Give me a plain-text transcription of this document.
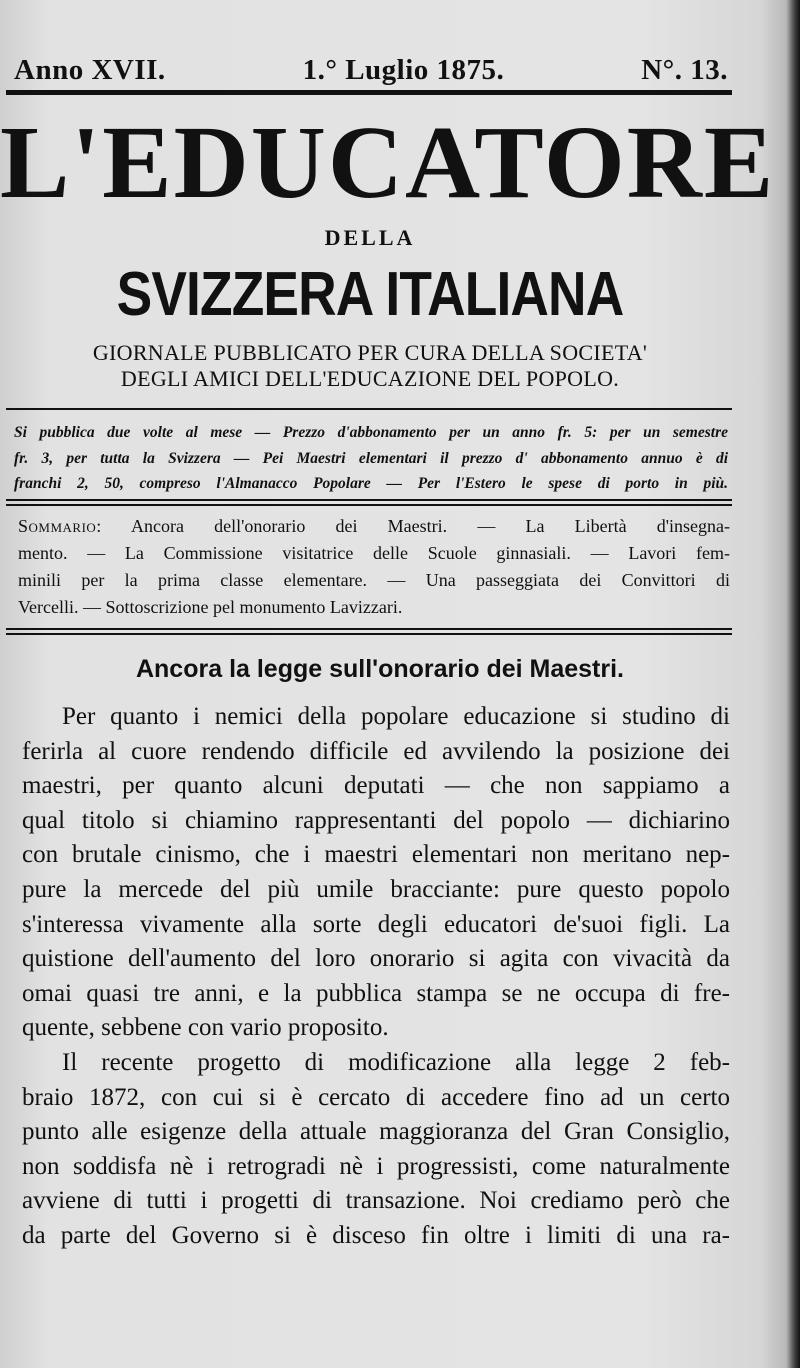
Anno XVII.	1.° Luglio 1875.	N°. 13.
L'EDUCATORE
DELLA
SVIZZERA ITALIANA
GIORNALE PUBBLICATO PER CURA DELLA SOCIETA'
DEGLI AMICI DELL'EDUCAZIONE DEL POPOLO.
Si pubblica due volte al mese — Prezzo d'abbonamento per un anno fr. 5: per un semestre
fr. 3, per tutta la Svizzera — Pei Maestri elementari il prezzo d' abbonamento annuo è di
franchi 2, 50, compreso l'Almanacco Popolare — Per l'Estero le spese di porto in più.
Sommario: Ancora dell'onorario dei Maestri. — La Libertà d'insegna-
mento. — La Commissione visitatrice delle Scuole ginnasiali. — Lavori fem-
minili per la prima classe elementare. — Una passeggiata dei Convittori di
Vercelli. — Sottoscrizione pel monumento Lavizzari.
Ancora la legge sull'onorario dei Maestri.
Per quanto i nemici della popolare educazione si studino di
ferirla al cuore rendendo difficile ed avvilendo la posizione dei
maestri, per quanto alcuni deputati — che non sappiamo a
qual titolo si chiamino rappresentanti del popolo — dichiarino
con brutale cinismo, che i maestri elementari non meritano nep-
pure la mercede del più umile bracciante: pure questo popolo
s'interessa vivamente alla sorte degli educatori de'suoi figli. La
quistione dell'aumento del loro onorario si agita con vivacità da
omai quasi tre anni, e la pubblica stampa se ne occupa di fre-
quente, sebbene con vario proposito.
Il recente progetto di modificazione alla legge 2 feb-
braio 1872, con cui si è cercato di accedere fino ad un certo
punto alle esigenze della attuale maggioranza del Gran Consiglio,
non soddisfa nè i retrogradi nè i progressisti, come naturalmente
avviene di tutti i progetti di transazione. Noi crediamo però che
da parte del Governo si è disceso fin oltre i limiti di una ra-
